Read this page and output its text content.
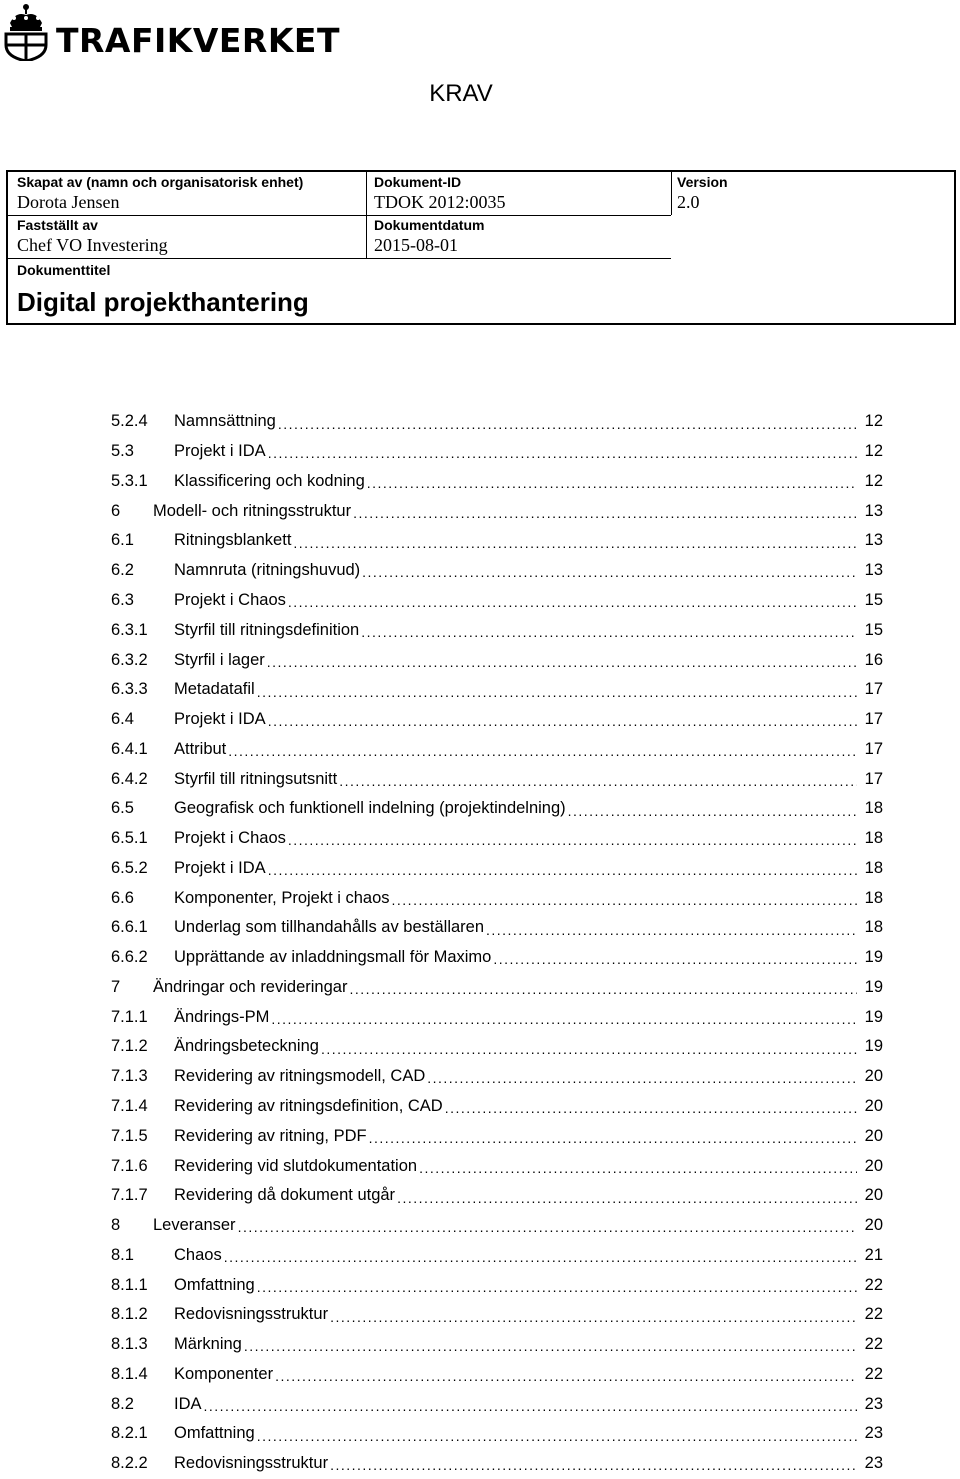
TRAFIKVERKET
KRAV
Skapat av (namn och organisatorisk enhet)
Dorota Jensen
Dokument-ID
TDOK 2012:0035
Version
2.0
Fastställt av
Chef VO Investering
Dokumentdatum
2015-08-01
Dokumenttitel
Digital projekthantering
5.2.4 Namnsättning . . .	12
5.3 Projekt i IDA . . .	12
5.3.1 Klassificering och kodning . . .	12
6 Modell- och ritningsstruktur . . .	13
6.1 Ritningsblankett . . .	13
6.2 Namnruta (ritningshuvud) . . .	13
6.3 Projekt i Chaos . . .	15
6.3.1 Styrfil till ritningsdefinition . . .	15
6.3.2 Styrfil i lager . . .	16
6.3.3 Metadatafil . . .	17
6.4 Projekt i IDA . . .	17
6.4.1 Attribut . . .	17
6.4.2 Styrfil till ritningsutsnitt . . .	17
6.5 Geografisk och funktionell indelning (projektindelning) . . .	18
6.5.1 Projekt i Chaos . . .	18
6.5.2 Projekt i IDA . . .	18
6.6 Komponenter, Projekt i chaos . . .	18
6.6.1 Underlag som tillhandahålls av beställaren . . .	18
6.6.2 Upprättande av inladdningsmall för Maximo . . .	19
7 Ändringar och revideringar . . .	19
7.1.1 Ändrings-PM . . .	19
7.1.2 Ändringsbeteckning . . .	19
7.1.3 Revidering av ritningsmodell, CAD . . .	20
7.1.4 Revidering av ritningsdefinition, CAD . . .	20
7.1.5 Revidering av ritning, PDF . . .	20
7.1.6 Revidering vid slutdokumentation . . .	20
7.1.7 Revidering då dokument utgår . . .	20
8 Leveranser . . .	20
8.1 Chaos . . .	21
8.1.1 Omfattning . . .	22
8.1.2 Redovisningsstruktur . . .	22
8.1.3 Märkning . . .	22
8.1.4 Komponenter . . .	22
8.2 IDA . . .	23
8.2.1 Omfattning . . .	23
8.2.2 Redovisningsstruktur . . .	23
